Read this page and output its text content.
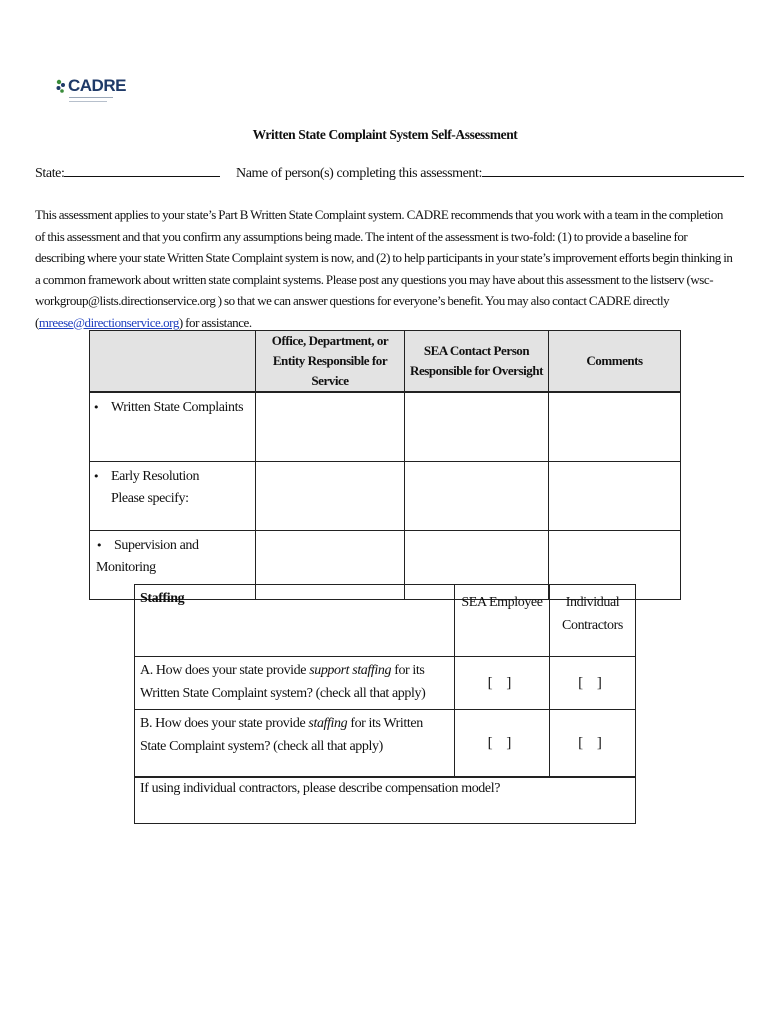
CADRE
Written State Complaint System Self-Assessment
State:	Name of person(s) completing this assessment:
This assessment applies to your state’s Part B Written State Complaint system. CADRE recommends that you work with a team in the completion of this assessment and that you confirm any assumptions being made. The intent of the assessment is two-fold: (1) to provide a baseline for describing where your state Written State Complaint system is now, and (2) to help participants in your state’s improvement efforts begin thinking in a common framework about written state complaint systems. Please post any questions you may have about this assessment to the listserv (wsc-workgroup@lists.directionservice.org ) so that we can answer questions for everyone’s benefit. You may also contact CADRE directly (mreese@directionservice.org) for assistance.
	Office, Department, or Entity Responsible for Service	SEA Contact Person Responsible for Oversight	Comments
• Written State Complaints			
• Early Resolution
Please specify:			
• Supervision and Monitoring			
Staffing	SEA Employee	Individual Contractors
A. How does your state provide support staffing for its Written State Complaint system? (check all that apply)	[ ]	[ ]
B. How does your state provide staffing for its Written State Complaint system? (check all that apply)	[ ]	[ ]
If using individual contractors, please describe compensation model?		
